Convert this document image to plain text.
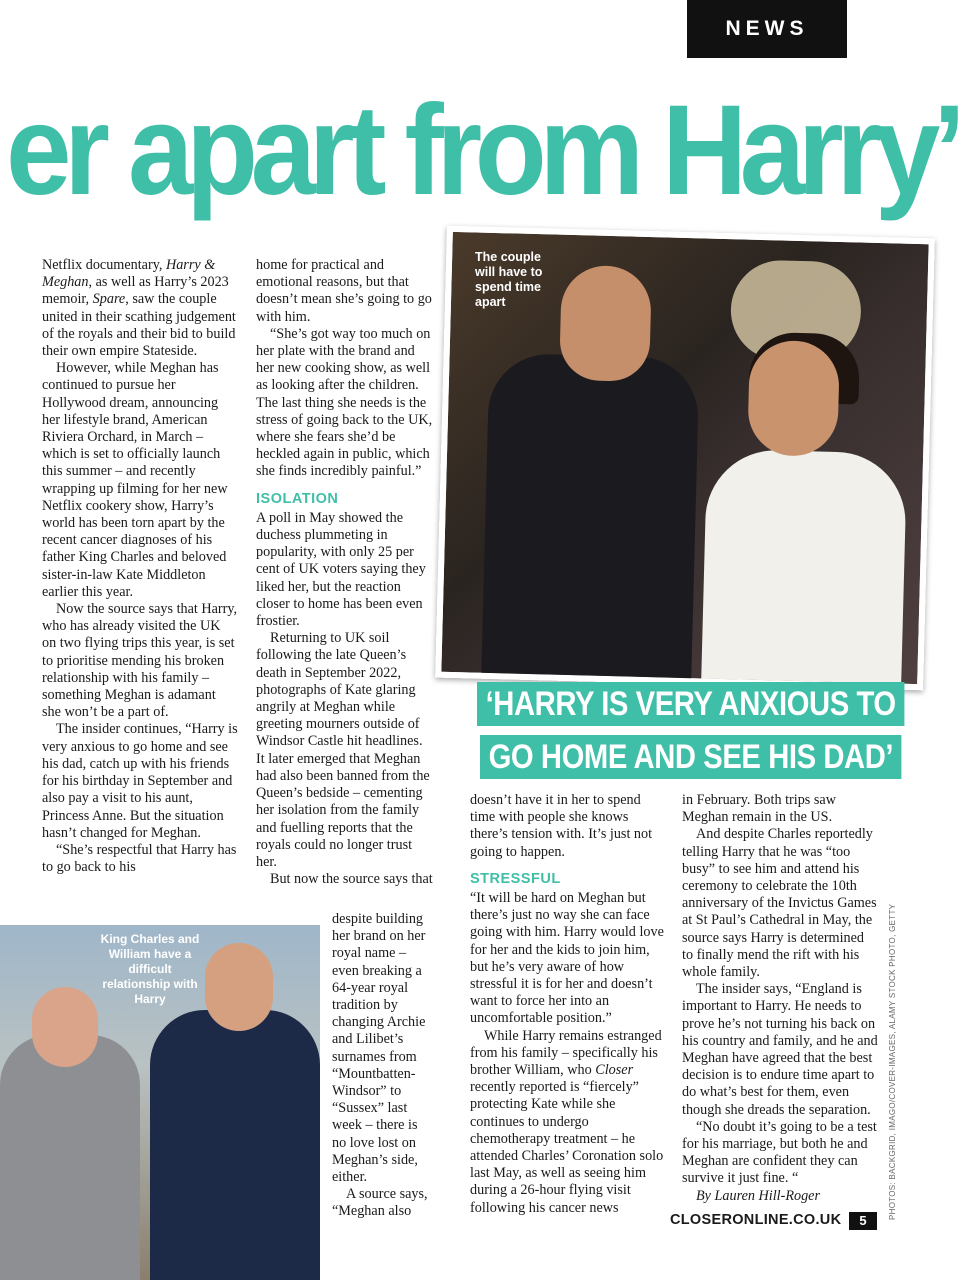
NEWS
er apart from Harry’

Netflix documentary, Harry & Meghan, as well as Harry’s 2023 memoir, Spare, saw the couple united in their scathing judgement of the royals and their bid to build their own empire Stateside.

However, while Meghan has continued to pursue her Hollywood dream, announcing her lifestyle brand, American Riviera Orchard, in March – which is set to officially launch this summer – and recently wrapping up filming for her new Netflix cookery show, Harry’s world has been torn apart by the recent cancer diagnoses of his father King Charles and beloved sister-in-law Kate Middleton earlier this year.

Now the source says that Harry, who has already visited the UK on two flying trips this year, is set to prioritise mending his broken relationship with his family – something Meghan is adamant she won’t be a part of.

The insider continues, “Harry is very anxious to go home and see his dad, catch up with his friends for his birthday in September and also pay a visit to his aunt, Princess Anne. But the situation hasn’t changed for Meghan.

“She’s respectful that Harry has to go back to his

home for practical and emotional reasons, but that doesn’t mean she’s going to go with him.

“She’s got way too much on her plate with the brand and her new cooking show, as well as looking after the children. The last thing she needs is the stress of going back to the UK, where she fears she’d be heckled again in public, which she finds incredibly painful.”

ISOLATION

A poll in May showed the duchess plummeting in popularity, with only 25 per cent of UK voters saying they liked her, but the reaction closer to home has been even frostier.

Returning to UK soil following the late Queen’s death in September 2022, photographs of Kate glaring angrily at Meghan while greeting mourners outside of Windsor Castle hit headlines. It later emerged that Meghan had also been banned from the Queen’s bedside – cementing her isolation from the family and fuelling reports that the royals could no longer trust her.

But now the source says that

despite building her brand on her royal name – even breaking a 64-year royal tradition by changing Archie and Lilibet’s surnames from “Mountbatten-Windsor” to “Sussex” last week – there is no love lost on Meghan’s side, either.

A source says, “Meghan also

The couple will have to spend time apart
‘HARRY IS VERY ANXIOUS TO
GO HOME AND SEE HIS DAD’

doesn’t have it in her to spend time with people she knows there’s tension with. It’s just not going to happen.

STRESSFUL

“It will be hard on Meghan but there’s just no way she can face going with him. Harry would love for her and the kids to join him, but he’s very aware of how stressful it is for her and doesn’t want to force her into an uncomfortable position.”

While Harry remains estranged from his family – specifically his brother William, who Closer recently reported is “fiercely” protecting Kate while she continues to undergo chemotherapy treatment – he attended Charles’ Coronation solo last May, as well as seeing him during a 26-hour flying visit following his cancer news

in February. Both trips saw Meghan remain in the US.

And despite Charles reportedly telling Harry that he was “too busy” to see him and attend his ceremony to celebrate the 10th anniversary of the Invictus Games at St Paul’s Cathedral in May, the source says Harry is determined to finally mend the rift with his whole family.

The insider says, “England is important to Harry. He needs to prove he’s not turning his back on his country and family, and he and Meghan have agreed that the best decision is to endure time apart to do what’s best for them, even though she dreads the separation.

“No doubt it’s going to be a test for his marriage, but both he and Meghan are confident they can survive it just fine. “

By Lauren Hill-Roger

King Charles and William have a difficult relationship with Harry
CLOSERONLINE.CO.UK	5
PHOTOS: BACKGRID, IMAGO/COVER-IMAGES, ALAMY STOCK PHOTO, GETTY
